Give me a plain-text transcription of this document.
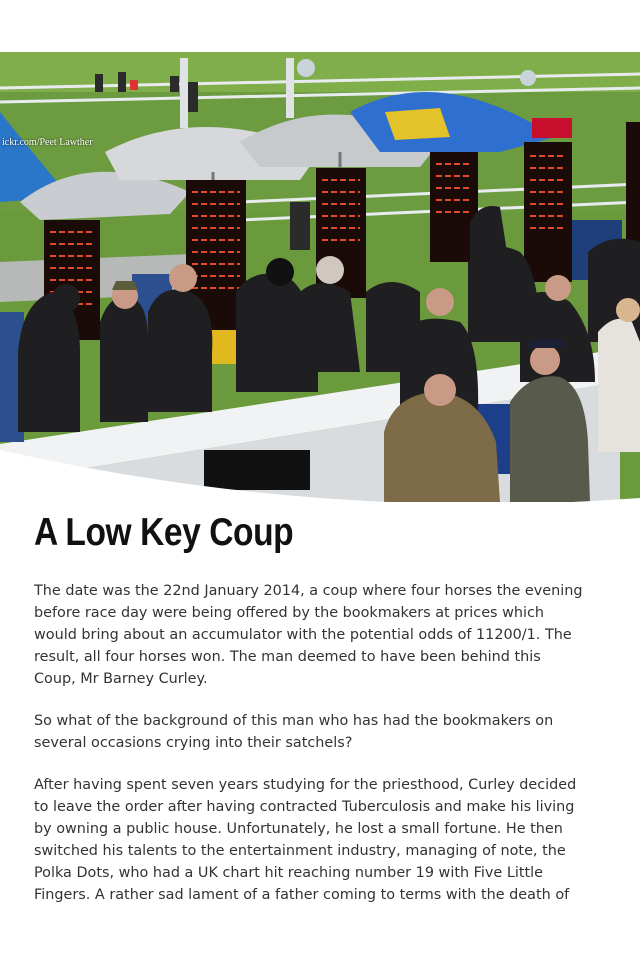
ickr.com/Peet Lawther
A Low Key Coup

The date was the 22nd January 2014, a coup where four horses the evening
before race day were being offered by the bookmakers at prices which
would bring about an accumulator with the potential odds of 11200/1. The
result, all four horses won. The man deemed to have been behind this
Coup, Mr Barney Curley.

So what of the background of this man who has had the bookmakers on
several occasions crying into their satchels?

After having spent seven years studying for the priesthood, Curley decided
to leave the order after having contracted Tuberculosis and make his living
by owning a public house. Unfortunately, he lost a small fortune. He then
switched his talents to the entertainment industry, managing of note, the
Polka Dots, who had a UK chart hit reaching number 19 with Five Little
Fingers. A rather sad lament of a father coming to terms with the death of
